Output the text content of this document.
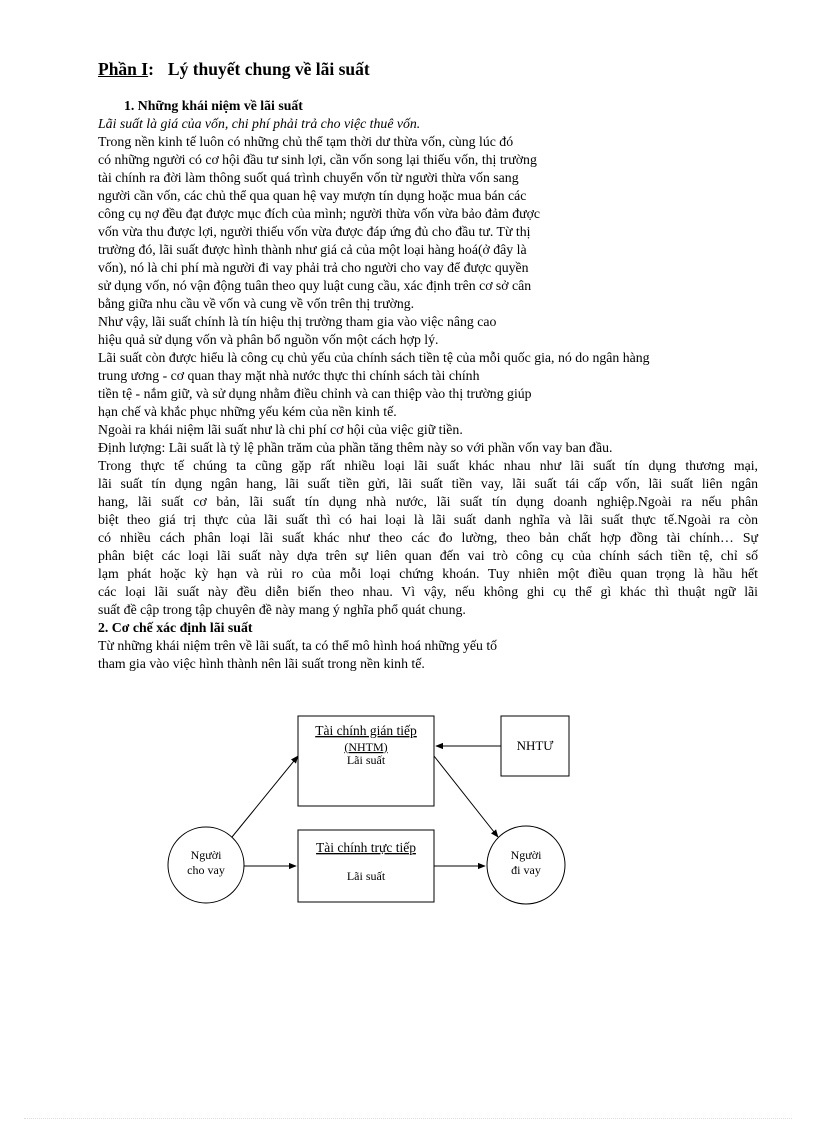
Phần I: Lý thuyết chung về lãi suất
1. Những khái niệm về lãi suất
Lãi suất là giá của vốn, chi phí phải trả cho việc thuê vốn.
Trong nền kinh tế luôn có những chủ thể tạm thời dư thừa vốn, cùng lúc đó
có những người có cơ hội đầu tư sinh lợi, cần vốn song lại thiếu vốn, thị trường
tài chính ra đời làm thông suốt quá trình chuyển vốn từ người thừa vốn sang
người cần vốn, các chủ thể qua quan hệ vay mượn tín dụng hoặc mua bán các
công cụ nợ đều đạt được mục đích của mình; người thừa vốn vừa bảo đảm được
vốn vừa thu được lợi, người thiếu vốn vừa được đáp ứng đủ cho đầu tư. Từ thị
trường đó, lãi suất được hình thành như giá cả của một loại hàng hoá(ở đây là
vốn), nó là chi phí mà người đi vay phải trả cho người cho vay để được quyền
sử dụng vốn, nó vận động tuân theo quy luật cung cầu, xác định trên cơ sở cân
bằng giữa nhu cầu về vốn và cung về vốn trên thị trường.
Như vậy, lãi suất chính là tín hiệu thị trường tham gia vào việc nâng cao
hiệu quả sử dụng vốn và phân bổ nguồn vốn một cách hợp lý.
Lãi suất còn được hiểu là công cụ chủ yếu của chính sách tiền tệ của mỗi quốc gia, nó do ngân hàng
trung ương - cơ quan thay mặt nhà nước thực thi chính sách tài chính
tiền tệ - nắm giữ, và sử dụng nhằm điều chỉnh và can thiệp vào thị trường giúp
hạn chế và khắc phục những yếu kém của nền kinh tế.
Ngoài ra khái niệm lãi suất như là chi phí cơ hội của việc giữ tiền.
Định lượng: Lãi suất là tỷ lệ phần trăm của phần tăng thêm này so với phần vốn vay ban đầu.
Trong thực tế chúng ta cũng gặp rất nhiều loại lãi suất khác nhau như lãi suất tín dụng thương mại,
lãi suất tín dụng ngân hang, lãi suất tiền gửi, lãi suất tiền vay, lãi suất tái cấp vốn, lãi suất liên ngân
hang, lãi suất cơ bản, lãi suất tín dụng nhà nước, lãi suất tín dụng doanh nghiệp.Ngoài ra nếu phân
biệt theo giá trị thực của lãi suất thì có hai loại là lãi suất danh nghĩa và lãi suất thực tế.Ngoài ra còn
có nhiều cách phân loại lãi suất khác như theo các đo lường, theo bản chất hợp đồng tài chính… Sự
phân biệt các loại lãi suất này dựa trên sự liên quan đến vai trò công cụ của chính sách tiền tệ, chỉ số
lạm phát hoặc kỳ hạn và rủi ro của mỗi loại chứng khoán. Tuy nhiên một điều quan trọng là hầu hết
các loại lãi suất này đều diễn biến theo nhau. Vì vậy, nếu không ghi cụ thể gì khác thì thuật ngữ lãi
suất đề cập trong tập chuyên đề này mang ý nghĩa phổ quát chung.
2. Cơ chế xác định lãi suất
Từ những khái niệm trên về lãi suất, ta có thể mô hình hoá những yếu tố
tham gia vào việc hình thành nên lãi suất trong nền kinh tế.
Tài chính gián tiếp
(NHTM)
Lãi suất
NHTƯ
Tài chính trực tiếp
Lãi suất
Người
cho vay
Người
đi vay
